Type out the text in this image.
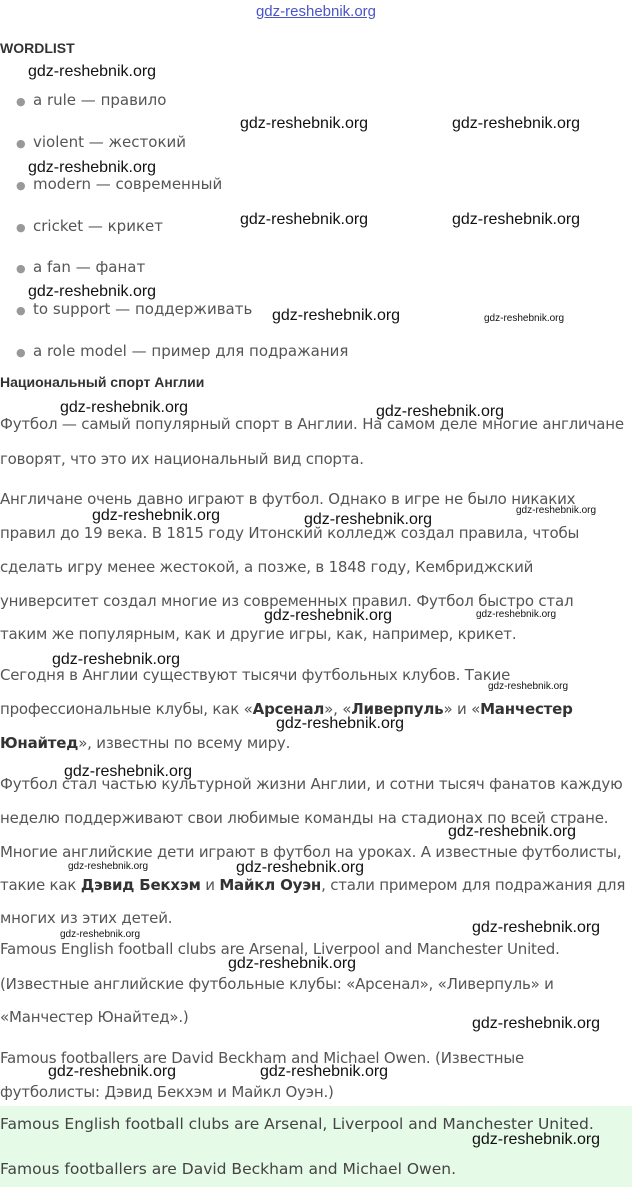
gdz-reshebnik.org
WORDLIST
● a rule — правило
● violent — жестокий
● modern — современный
● cricket — крикет
● a fan — фанат
● to support — поддерживать
● a role model — пример для подражания
Национальный спорт Англии
Футбол — самый популярный спорт в Англии. На самом деле многие англичане
говорят, что это их национальный вид спорта.
Англичане очень давно играют в футбол. Однако в игре не было никаких
правил до 19 века. В 1815 году Итонский колледж создал правила, чтобы
сделать игру менее жестокой, а позже, в 1848 году, Кембриджский
университет создал многие из современных правил. Футбол быстро стал
таким же популярным, как и другие игры, как, например, крикет.
Сегодня в Англии существуют тысячи футбольных клубов. Такие
профессиональные клубы, как «Арсенал», «Ливерпуль» и «Манчестер
Юнайтед», известны по всему миру.
Футбол стал частью культурной жизни Англии, и сотни тысяч фанатов каждую
неделю поддерживают свои любимые команды на стадионах по всей стране.
Многие английские дети играют в футбол на уроках. А известные футболисты,
такие как Дэвид Бекхэм и Майкл Оуэн, стали примером для подражания для
многих из этих детей.
Famous English football clubs are Arsenal, Liverpool and Manchester United.
(Известные английские футбольные клубы: «Арсенал», «Ливерпуль» и
«Манчестер Юнайтед».)
Famous footballers are David Beckham and Michael Owen. (Известные
футболисты: Дэвид Бекхэм и Майкл Оуэн.)
Famous English football clubs are Arsenal, Liverpool and Manchester United.
Famous footballers are David Beckham and Michael Owen.
gdz-reshebnik.org
gdz-reshebnik.org	gdz-reshebnik.org
gdz-reshebnik.org
gdz-reshebnik.org	gdz-reshebnik.org
gdz-reshebnik.org
gdz-reshebnik.org	gdz-reshebnik.org
gdz-reshebnik.org	gdz-reshebnik.org
gdz-reshebnik.org	gdz-reshebnik.org
gdz-reshebnik.org
gdz-reshebnik.org	gdz-reshebnik.org
gdz-reshebnik.org
gdz-reshebnik.org
gdz-reshebnik.org
gdz-reshebnik.org
gdz-reshebnik.org
gdz-reshebnik.org	gdz-reshebnik.org
gdz-reshebnik.org	gdz-reshebnik.org
gdz-reshebnik.org
gdz-reshebnik.org
gdz-reshebnik.org	gdz-reshebnik.org
gdz-reshebnik.org
